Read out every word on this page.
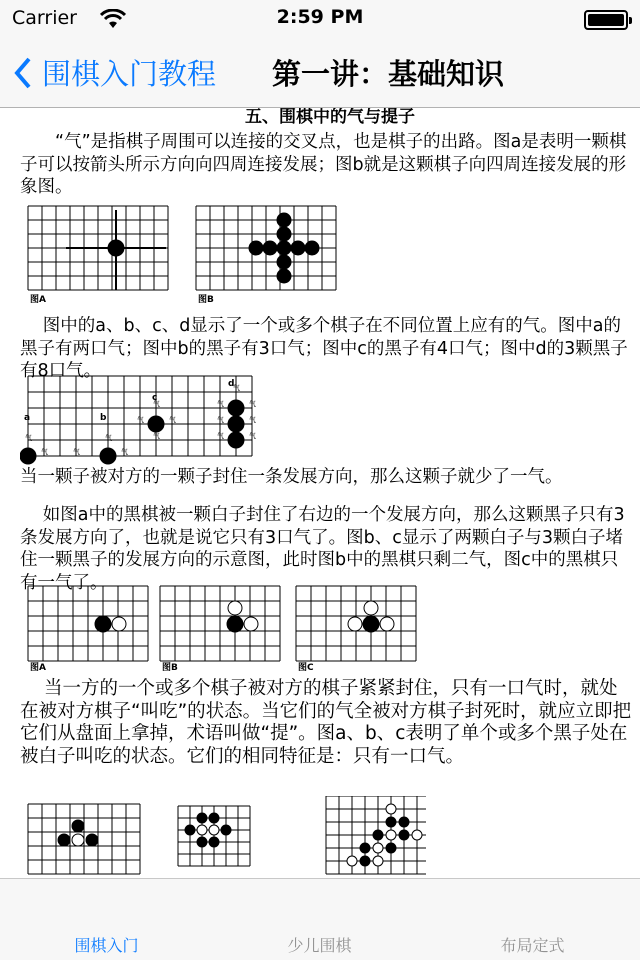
Carrier	2:59 PM
围棋入门教程 第一讲：基础知识
五、围棋中的气与提子
“气”是指棋子周围可以连接的交叉点，也是棋子的出路。图a是表明一颗棋子可以按箭头所示方向向四周连接发展；图b就是这颗棋子向四周连接发展的形象图。
图A	图B
图中的a、b、c、d显示了一个或多个棋子在不同位置上应有的气。图中a的黑子有两口气；图中b的黑子有3口气；图中c的黑子有4口气；图中d的3颗黑子有8口气。
a	b
c
d
气	气	气
气	气
气	气
气
气
气
气	气
气	气
气	气
当一颗子被对方的一颗子封住一条发展方向，那么这颗子就少了一气。
如图a中的黑棋被一颗白子封住了右边的一个发展方向，那么这颗黑子只有3条发展方向了，也就是说它只有3口气了。图b、c显示了两颗白子与3颗白子堵住一颗黑子的发展方向的示意图，此时图b中的黑棋只剩二气，图c中的黑棋只有一气了。
图A	图B	图C
当一方的一个或多个棋子被对方的棋子紧紧封住，只有一口气时，就处在被对方棋子“叫吃”的状态。当它们的气全被对方棋子封死时，就应立即把它们从盘面上拿掉，术语叫做“提”。图a、b、c表明了单个或多个黑子处在被白子叫吃的状态。它们的相同特征是：只有一口气。
围棋入门	少儿围棋	布局定式
